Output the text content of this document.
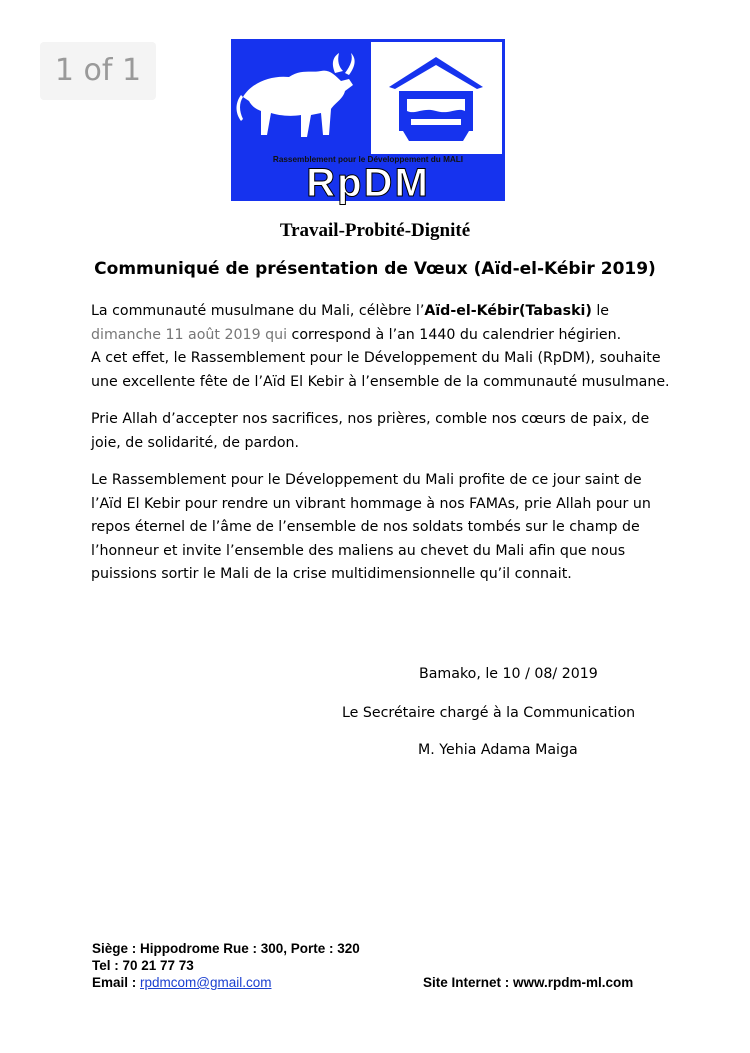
1 of 1
Rassemblement pour le Développement du MALI
RpDM
Travail-Probité-Dignité
Communiqué de présentation de Vœux (Aïd-el-Kébir 2019)

La communauté musulmane du Mali, célèbre l’Aïd-el-Kébir(Tabaski) le dimanche 11 août 2019 qui correspond à l’an 1440 du calendrier hégirien.
A cet effet, le Rassemblement pour le Développement du Mali (RpDM), souhaite une excellente fête de l’Aïd El Kebir à l’ensemble de la communauté musulmane.

Prie Allah d’accepter nos sacrifices, nos prières, comble nos cœurs de paix, de joie, de solidarité, de pardon.

Le Rassemblement pour le Développement du Mali profite de ce jour saint de l’Aïd El Kebir pour rendre un vibrant hommage à nos FAMAs, prie Allah pour un repos éternel de l’âme de l’ensemble de nos soldats tombés sur le champ de l’honneur et invite l’ensemble des maliens au chevet du Mali afin que nous puissions sortir le Mali de la crise multidimensionnelle qu’il connait.

Bamako, le 10 / 08/ 2019
Le Secrétaire chargé à la Communication
M. Yehia Adama Maiga
Siège : Hippodrome Rue : 300, Porte : 320
Tel : 70 21 77 73
Email : rpdmcom@gmail.com	Site Internet : www.rpdm-ml.com
